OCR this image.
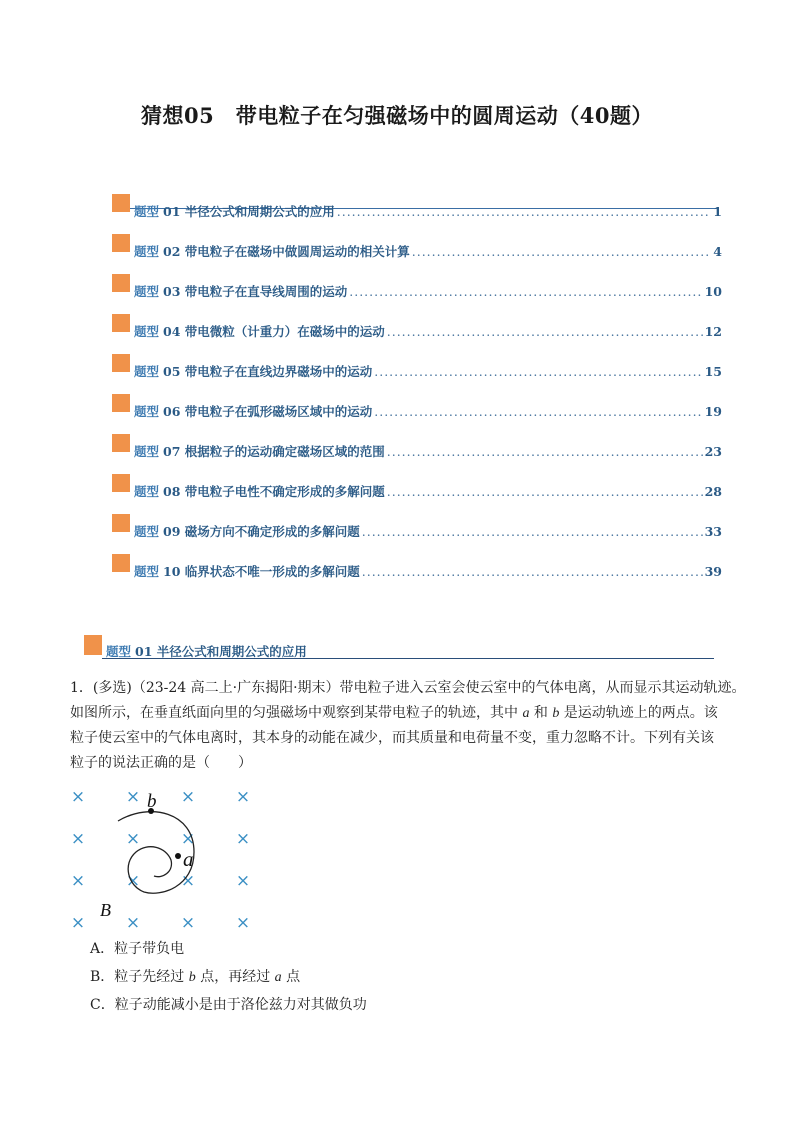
猜想05　带电粒子在匀强磁场中的圆周运动（40题）
题型 01 半径公式和周期公式的应用 .....	1
题型 02 带电粒子在磁场中做圆周运动的相关计算 .....	4
题型 03 带电粒子在直导线周围的运动 .....	10
题型 04 带电微粒（计重力）在磁场中的运动 .....	12
题型 05 带电粒子在直线边界磁场中的运动 .....	15
题型 06 带电粒子在弧形磁场区域中的运动 .....	19
题型 07 根据粒子的运动确定磁场区域的范围 .....	23
题型 08 带电粒子电性不确定形成的多解问题 .....	28
题型 09 磁场方向不确定形成的多解问题 .....	33
题型 10 临界状态不唯一形成的多解问题 .....	39
题型 01 半径公式和周期公式的应用
1．(多选)（23-24 高二上·广东揭阳·期末）带电粒子进入云室会使云室中的气体电离，从而显示其运动轨迹。
如图所示，在垂直纸面向里的匀强磁场中观察到某带电粒子的轨迹，其中 a 和 b 是运动轨迹上的两点。该
粒子使云室中的气体电离时，其本身的动能在减少，而其质量和电荷量不变，重力忽略不计。下列有关该
粒子的说法正确的是（　　）
× × × ×
× × × ×
× × × ×
× × × ×
b
a
B
A．粒子带负电
B．粒子先经过 b 点，再经过 a 点
C．粒子动能减小是由于洛伦兹力对其做负功
